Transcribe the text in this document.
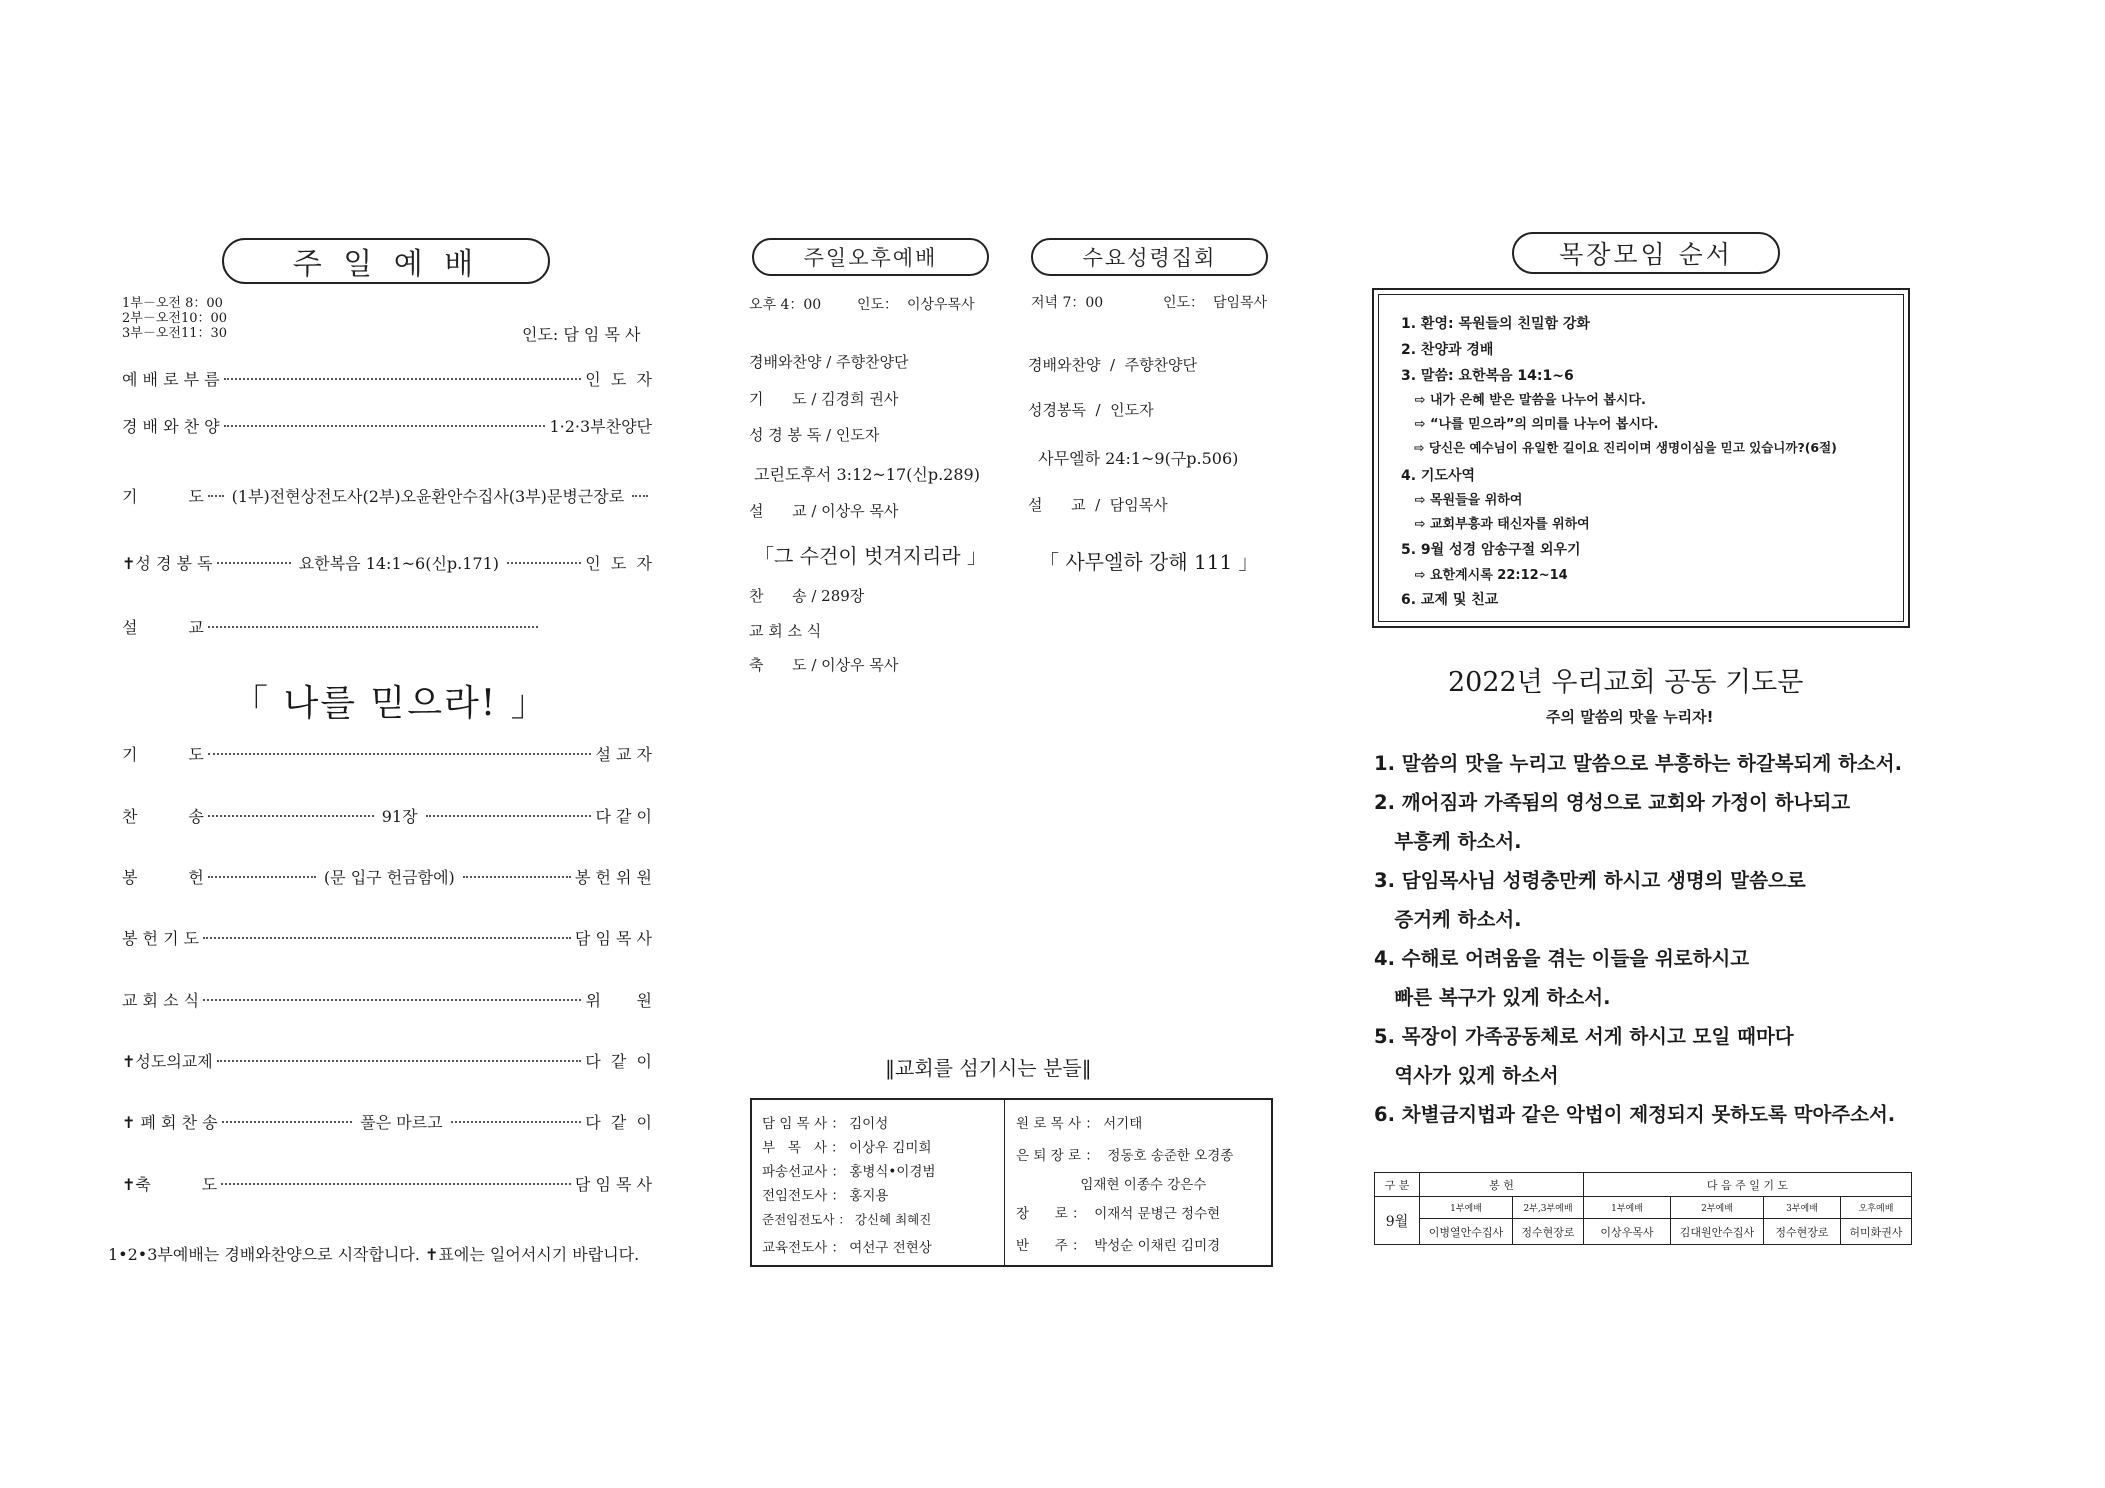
주 일 예 배
1부－오전 8：00
2부－오전10：00
3부－오전11：30	인도: 담 임 목 사
예 배 로 부 름	인  도  자
경 배 와 찬 양	1·2·3부찬양단
기          도 (1부)전현상전도사(2부)오윤환안수집사(3부)문병근장로
✝성 경 봉 독	요한복음 14:1~6(신p.171)	인  도  자
설          교
「 나를 믿으라! 」
기          도	설 교 자
찬          송	91장	다 같 이
봉          헌	(문 입구 헌금함에)	봉 헌 위 원
봉 헌 기 도	담 임 목 사
교 회 소 식	위       원
✝성도의교제	다  같  이
✝ 폐 회 찬 송	풀은 마르고	다  같  이
✝축          도	담 임 목 사
1•2•3부예배는 경배와찬양으로 시작합니다. ✝표에는 일어서시기 바랍니다.
주일오후예배	수요성령집회
오후 4：00	인도：  이상우목사	저녁 7：00	인도：  담임목사
경배와찬양 / 주향찬양단
기      도 / 김경희 권사
성 경 봉 독 / 인도자
고린도후서 3:12~17(신p.289)
설      교 / 이상우 목사
「그 수건이 벗겨지리라 」
찬      송 / 289장
교 회 소 식
축      도 / 이상우 목사
경배와찬양  /  주향찬양단
성경봉독  /  인도자
사무엘하 24:1~9(구p.506)
설      교  /  담임목사
「 사무엘하 강해 111 」
‖교회를 섬기시는 분들‖
담 임 목 사 ： 김이성
부   목   사 ： 이상우 김미희
파송선교사 ： 홍병식•이경범
전임전도사 ： 홍지용
준전임전도사 ： 강신혜 최혜진
교육전도사 ： 여선구 전현상
원 로 목 사 ： 서기태
은 퇴 장 로 ：  정동호 송준한 오경종
임재현 이종수 강은수
장      로 ：  이재석 문병근 정수현
반      주 ：  박성순 이채린 김미경
목장모임 순서
1. 환영: 목원들의 친밀함 강화
2. 찬양과 경배
3. 말씀: 요한복음 14:1~6
⇨ 내가 은혜 받은 말씀을 나누어 봅시다.
⇨ “나를 믿으라”의 의미를 나누어 봅시다.
⇨ 당신은 예수님이 유일한 길이요 진리이며 생명이심을 믿고 있습니까?(6절)
4. 기도사역
⇨ 목원들을 위하여
⇨ 교회부흥과 태신자를 위하여
5. 9월 성경 암송구절 외우기
⇨ 요한계시록 22:12~14
6. 교제 및 친교
2022년 우리교회 공동 기도문
주의 말씀의 맛을 누리자!
1. 말씀의 맛을 누리고 말씀으로 부흥하는 하갈복되게 하소서.
2. 깨어짐과 가족됨의 영성으로 교회와 가정이 하나되고
부흥케 하소서.
3. 담임목사님 성령충만케 하시고 생명의 말씀으로
증거케 하소서.
4. 수해로 어려움을 겪는 이들을 위로하시고
빠른 복구가 있게 하소서.
5. 목장이 가족공동체로 서게 하시고 모일 때마다
역사가 있게 하소서
6. 차별금지법과 같은 악법이 제정되지 못하도록 막아주소서.
구 분	봉 헌		다 음 주 일 기 도			
9월	1부예배	2부,3부예배	1부예배	2부예배	3부예배	오후예배
	이병열안수집사	정수현장로	이상우목사	김대원안수집사	정수현장로	허미화권사
